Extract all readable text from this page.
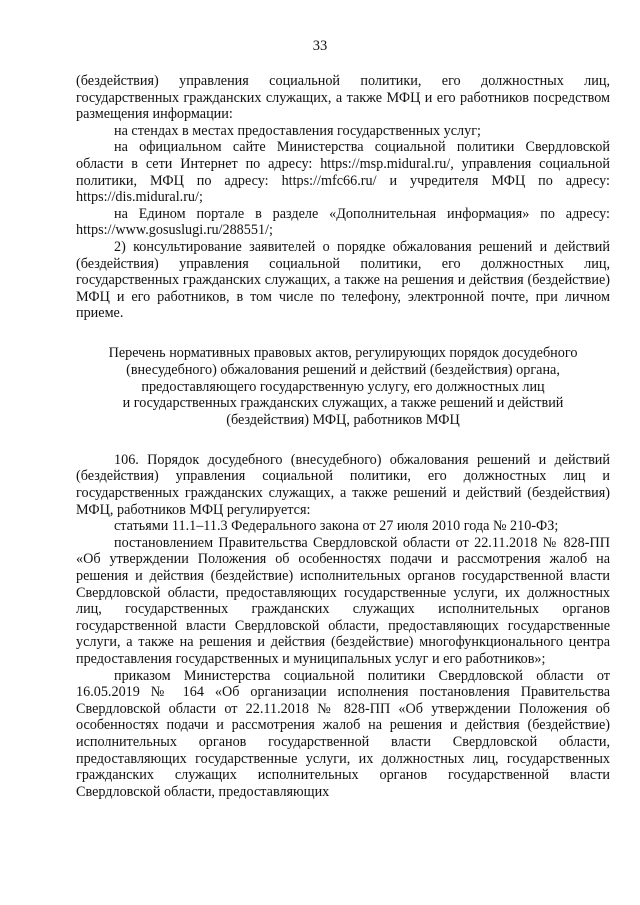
33

(бездействия) управления социальной политики, его должностных лиц, государственных гражданских служащих, а также МФЦ и его работников посредством размещения информации:

на стендах в местах предоставления государственных услуг;

на официальном сайте Министерства социальной политики Свердловской области в сети Интернет по адресу: https://msp.midural.ru/, управления социальной политики, МФЦ по адресу: https://mfc66.ru/ и учредителя МФЦ по адресу: https://dis.midural.ru/;

на Едином портале в разделе «Дополнительная информация» по адресу: https://www.gosuslugi.ru/288551/;

2) консультирование заявителей о порядке обжалования решений и действий (бездействия) управления социальной политики, его должностных лиц, государственных гражданских служащих, а также на решения и действия (бездействие) МФЦ и его работников, в том числе по телефону, электронной почте, при личном приеме.

Перечень нормативных правовых актов, регулирующих порядок досудебного
(внесудебного) обжалования решений и действий (бездействия) органа,
предоставляющего государственную услугу, его должностных лиц
и государственных гражданских служащих, а также решений и действий
(бездействия) МФЦ, работников МФЦ

106. Порядок досудебного (внесудебного) обжалования решений и действий (бездействия) управления социальной политики, его должностных лиц и государственных гражданских служащих, а также решений и действий (бездействия) МФЦ, работников МФЦ регулируется:

статьями 11.1–11.3 Федерального закона от 27 июля 2010 года № 210-ФЗ;

постановлением Правительства Свердловской области от 22.11.2018 № 828-ПП «Об утверждении Положения об особенностях подачи и рассмотрения жалоб на решения и действия (бездействие) исполнительных органов государственной власти Свердловской области, предоставляющих государственные услуги, их должностных лиц, государственных гражданских служащих исполнительных органов государственной власти Свердловской области, предоставляющих государственные услуги, а также на решения и действия (бездействие) многофункционального центра предоставления государственных и муниципальных услуг и его работников»;

приказом Министерства социальной политики Свердловской области от 16.05.2019 № 164 «Об организации исполнения постановления Правительства Свердловской области от 22.11.2018 № 828-ПП «Об утверждении Положения об особенностях подачи и рассмотрения жалоб на решения и действия (бездействие) исполнительных органов государственной власти Свердловской области, предоставляющих государственные услуги, их должностных лиц, государственных гражданских служащих исполнительных органов государственной власти Свердловской области, предоставляющих
